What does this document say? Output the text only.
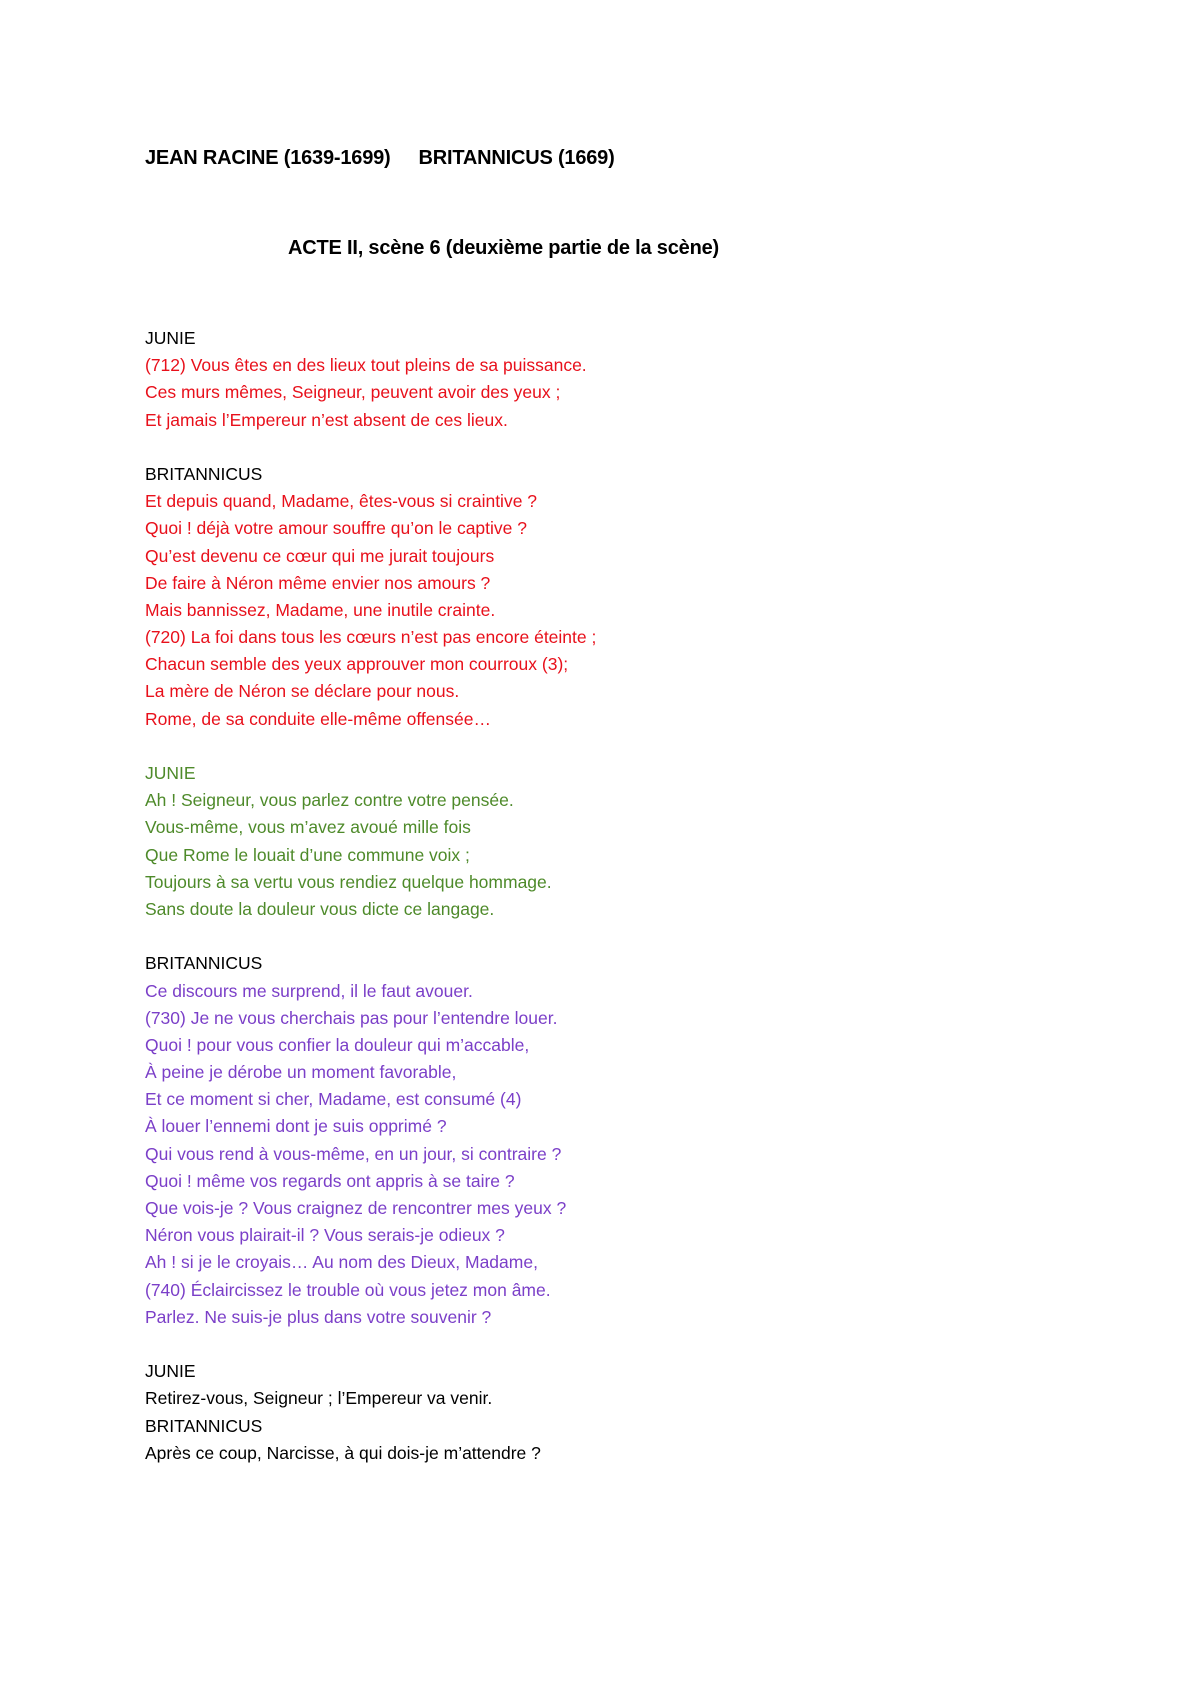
JEAN RACINE (1639-1699) BRITANNICUS (1669)
ACTE II, scène 6 (deuxième partie de la scène)
JUNIE
(712) Vous êtes en des lieux tout pleins de sa puissance.
Ces murs mêmes, Seigneur, peuvent avoir des yeux ;
Et jamais l’Empereur n’est absent de ces lieux.
BRITANNICUS
Et depuis quand, Madame, êtes-vous si craintive ?
Quoi ! déjà votre amour souffre qu’on le captive ?
Qu’est devenu ce cœur qui me jurait toujours
De faire à Néron même envier nos amours ?
Mais bannissez, Madame, une inutile crainte.
(720) La foi dans tous les cœurs n’est pas encore éteinte ;
Chacun semble des yeux approuver mon courroux (3);
La mère de Néron se déclare pour nous.
Rome, de sa conduite elle-même offensée…
JUNIE
Ah ! Seigneur, vous parlez contre votre pensée.
Vous-même, vous m’avez avoué mille fois
Que Rome le louait d’une commune voix ;
Toujours à sa vertu vous rendiez quelque hommage.
Sans doute la douleur vous dicte ce langage.
BRITANNICUS
Ce discours me surprend, il le faut avouer.
(730) Je ne vous cherchais pas pour l’entendre louer.
Quoi ! pour vous confier la douleur qui m’accable,
À peine je dérobe un moment favorable,
Et ce moment si cher, Madame, est consumé (4)
À louer l’ennemi dont je suis opprimé ?
Qui vous rend à vous-même, en un jour, si contraire ?
Quoi ! même vos regards ont appris à se taire ?
Que vois-je ? Vous craignez de rencontrer mes yeux ?
Néron vous plairait-il ? Vous serais-je odieux ?
Ah ! si je le croyais… Au nom des Dieux, Madame,
(740) Éclaircissez le trouble où vous jetez mon âme.
Parlez. Ne suis-je plus dans votre souvenir ?
JUNIE
Retirez-vous, Seigneur ; l’Empereur va venir.
BRITANNICUS
Après ce coup, Narcisse, à qui dois-je m’attendre ?
